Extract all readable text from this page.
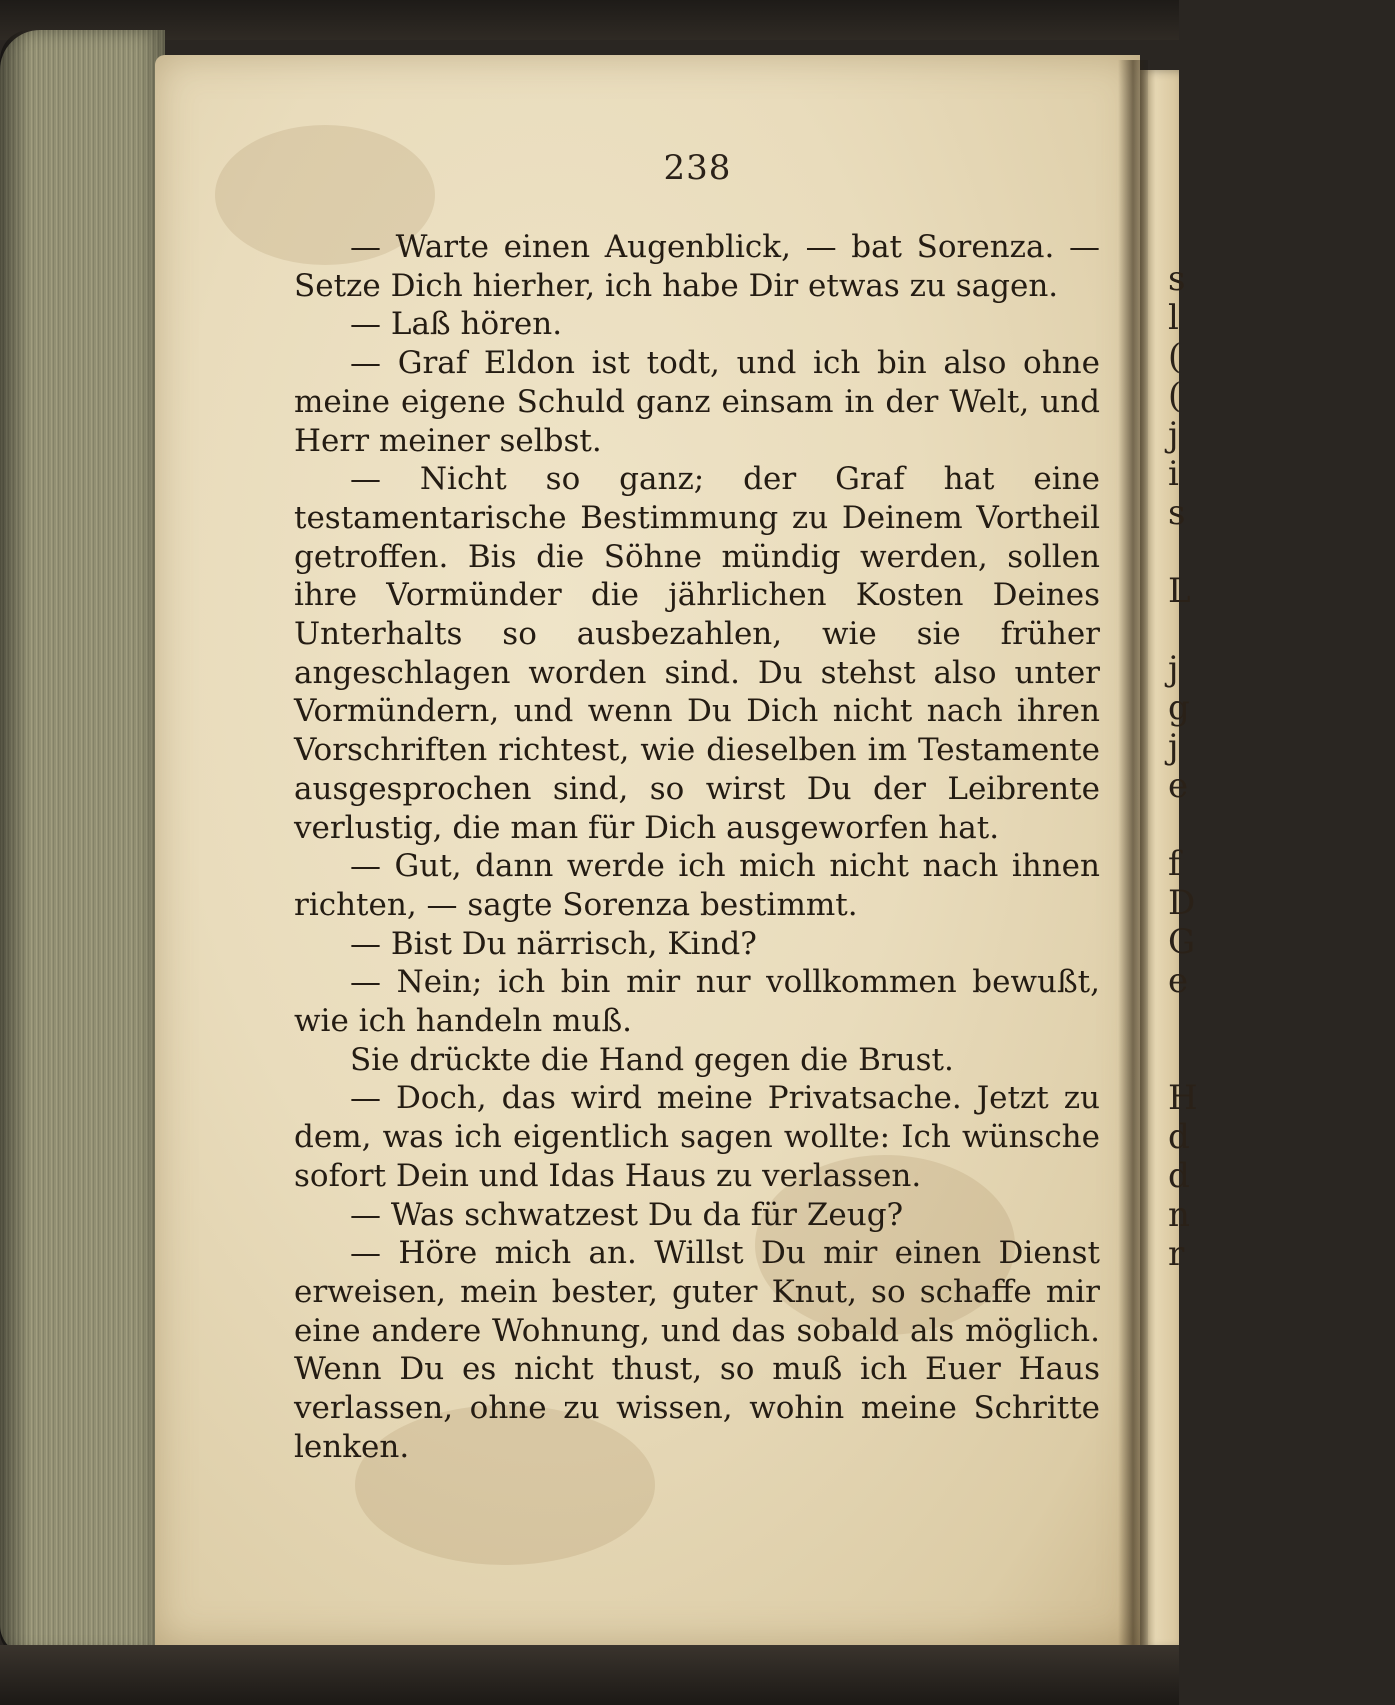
s
l
(
(
j
i
s

L

j
g
j
e

f
D
G
e

H
d
d
n
r
238

— Warte einen Augenblick, — bat Sorenza. — Setze Dich hierher, ich habe Dir etwas zu sagen.

— Laß hören.

— Graf Eldon ist todt, und ich bin also ohne meine eigene Schuld ganz einsam in der Welt, und Herr meiner selbst.

— Nicht so ganz; der Graf hat eine testamentarische Bestimmung zu Deinem Vortheil getroffen. Bis die Söhne mündig werden, sollen ihre Vormünder die jährlichen Kosten Deines Unterhalts so ausbezahlen, wie sie früher angeschlagen worden sind. Du stehst also unter Vormündern, und wenn Du Dich nicht nach ihren Vorschriften richtest, wie dieselben im Testamente ausgesprochen sind, so wirst Du der Leibrente verlustig, die man für Dich ausgeworfen hat.

— Gut, dann werde ich mich nicht nach ihnen richten, — sagte Sorenza bestimmt.

— Bist Du närrisch, Kind?

— Nein; ich bin mir nur vollkommen bewußt, wie ich handeln muß.

Sie drückte die Hand gegen die Brust.

— Doch, das wird meine Privatsache. Jetzt zu dem, was ich eigentlich sagen wollte: Ich wünsche sofort Dein und Idas Haus zu verlassen.

— Was schwatzest Du da für Zeug?

— Höre mich an. Willst Du mir einen Dienst erweisen, mein bester, guter Knut, so schaffe mir eine andere Wohnung, und das sobald als möglich. Wenn Du es nicht thust, so muß ich Euer Haus verlassen, ohne zu wissen, wohin meine Schritte lenken.
